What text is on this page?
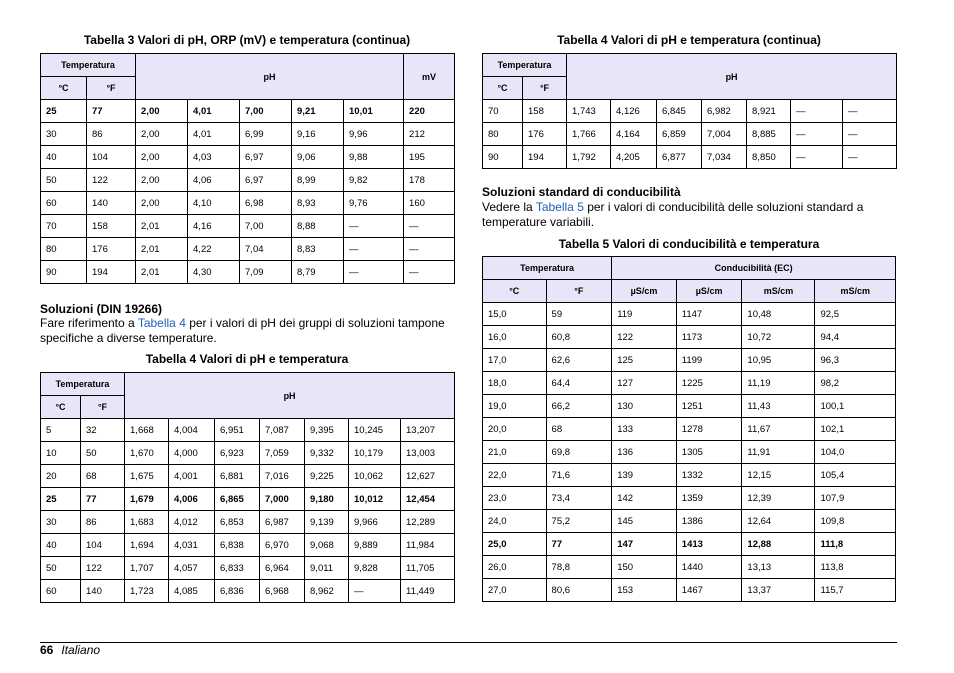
Tabella 3 Valori di pH, ORP (mV) e temperatura (continua)
Temperatura		pH					mV
°C	°F						
25	77	2,00	4,01	7,00	9,21	10,01	220
30	86	2,00	4,01	6,99	9,16	9,96	212
40	104	2,00	4,03	6,97	9,06	9,88	195
50	122	2,00	4,06	6,97	8,99	9,82	178
60	140	2,00	4,10	6,98	8,93	9,76	160
70	158	2,01	4,16	7,00	8,88	—	—
80	176	2,01	4,22	7,04	8,83	—	—
90	194	2,01	4,30	7,09	8,79	—	—
Soluzioni (DIN 19266)
Fare riferimento a Tabella 4 per i valori di pH dei gruppi di soluzioni tampone specifiche a diverse temperature.
Tabella 4 Valori di pH e temperatura
Temperatura		pH						
°C	°F							
5	32	1,668	4,004	6,951	7,087	9,395	10,245	13,207
10	50	1,670	4,000	6,923	7,059	9,332	10,179	13,003
20	68	1,675	4,001	6,881	7,016	9,225	10,062	12,627
25	77	1,679	4,006	6,865	7,000	9,180	10,012	12,454
30	86	1,683	4,012	6,853	6,987	9,139	9,966	12,289
40	104	1,694	4,031	6,838	6,970	9,068	9,889	11,984
50	122	1,707	4,057	6,833	6,964	9,011	9,828	11,705
60	140	1,723	4,085	6,836	6,968	8,962	—	11,449
Tabella 4 Valori di pH e temperatura (continua)
Temperatura		pH						
°C	°F							
70	158	1,743	4,126	6,845	6,982	8,921	—	—
80	176	1,766	4,164	6,859	7,004	8,885	—	—
90	194	1,792	4,205	6,877	7,034	8,850	—	—
Soluzioni standard di conducibilità
Vedere la Tabella 5 per i valori di conducibilità delle soluzioni standard a temperature variabili.
Tabella 5 Valori di conducibilità e temperatura
Temperatura		Conducibilità (EC)			
°C	°F	µS/cm	µS/cm	mS/cm	mS/cm
15,0	59	119	1147	10,48	92,5
16,0	60,8	122	1173	10,72	94,4
17,0	62,6	125	1199	10,95	96,3
18,0	64,4	127	1225	11,19	98,2
19,0	66,2	130	1251	11,43	100,1
20,0	68	133	1278	11,67	102,1
21,0	69,8	136	1305	11,91	104,0
22,0	71,6	139	1332	12,15	105,4
23,0	73,4	142	1359	12,39	107,9
24,0	75,2	145	1386	12,64	109,8
25,0	77	147	1413	12,88	111,8
26,0	78,8	150	1440	13,13	113,8
27,0	80,6	153	1467	13,37	115,7
66 Italiano
